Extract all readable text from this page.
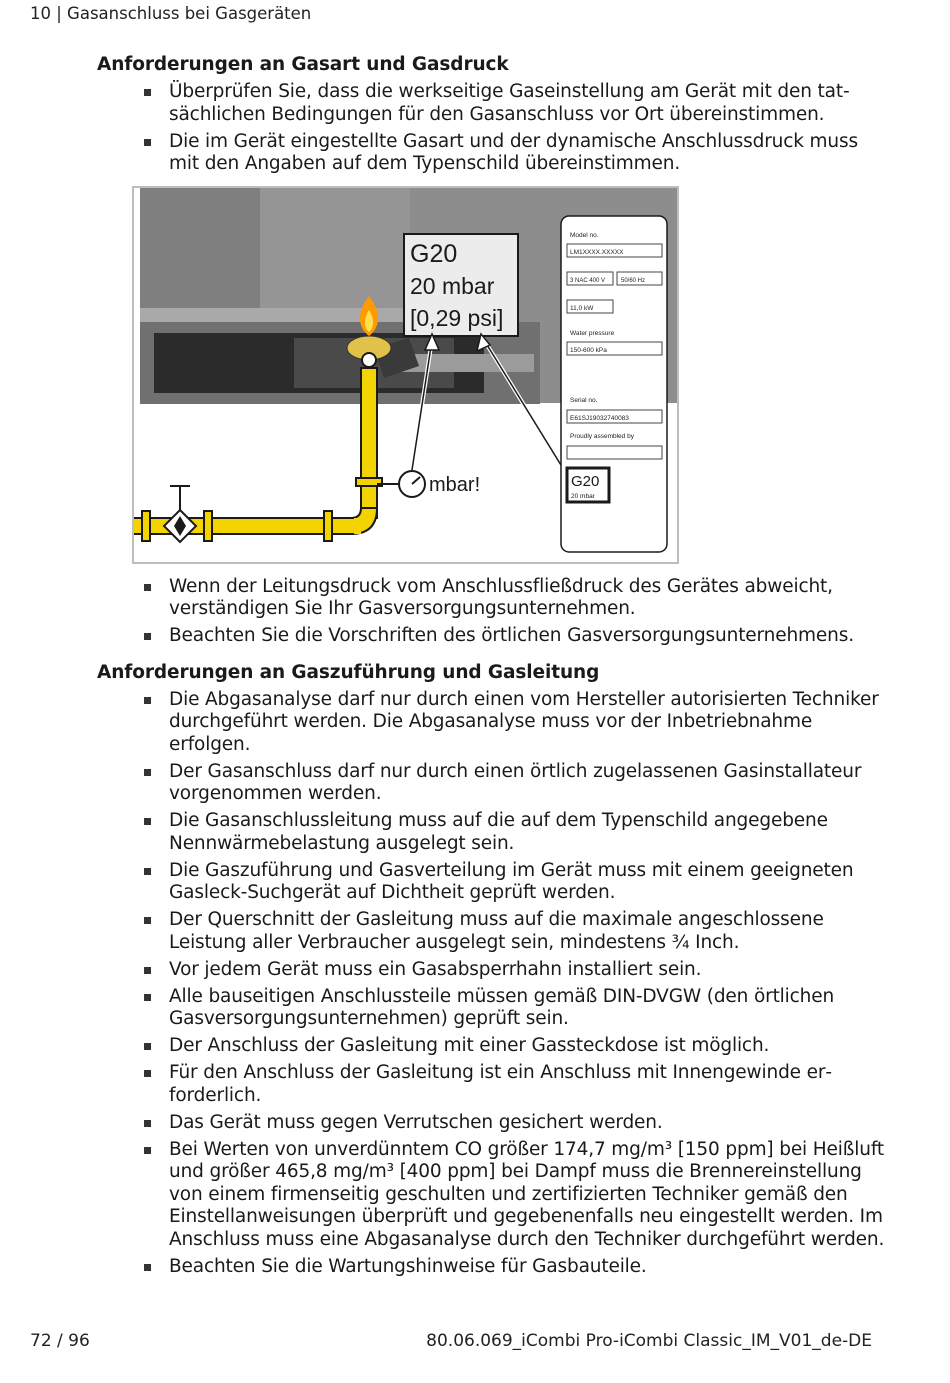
10 | Gasanschluss bei Gasgeräten
Anforderungen an Gasart und Gasdruck
Überprüfen Sie, dass die werkseitige Gaseinstellung am Gerät mit den tatsächlichen Bedingungen für den Gasanschluss vor Ort übereinstimmen.
Die im Gerät eingestellte Gasart und der dynamische Anschlussdruck muss mit den Angaben auf dem Typenschild übereinstimmen.
G20
20 mbar
[0,29 psi]
mbar!
Model no.
LM1XXXX.XXXXX
3 NAC 400 V	50/60 Hz
11,0 kW
Water pressure
150-600 kPa
Serial no.
E61SJ19032740083
Proudly assembled by
G20
20 mbar
Wenn der Leitungsdruck vom Anschlussfließdruck des Gerätes abweicht, verständigen Sie Ihr Gasversorgungsunternehmen.
Beachten Sie die Vorschriften des örtlichen Gasversorgungsunternehmens.
Anforderungen an Gaszuführung und Gasleitung
Die Abgasanalyse darf nur durch einen vom Hersteller autorisierten Techniker durchgeführt werden. Die Abgasanalyse muss vor der Inbetriebnahme erfolgen.
Der Gasanschluss darf nur durch einen örtlich zugelassenen Gasinstallateur vorgenommen werden.
Die Gasanschlussleitung muss auf die auf dem Typenschild angegebene Nennwärmebelastung ausgelegt sein.
Die Gaszuführung und Gasverteilung im Gerät muss mit einem geeigneten Gasleck-Suchgerät auf Dichtheit geprüft werden.
Der Querschnitt der Gasleitung muss auf die maximale angeschlossene Leistung aller Verbraucher ausgelegt sein, mindestens ¾ Inch.
Vor jedem Gerät muss ein Gasabsperrhahn installiert sein.
Alle bauseitigen Anschlussteile müssen gemäß DIN-DVGW (den örtlichen Gasversorgungsunternehmen) geprüft sein.
Der Anschluss der Gasleitung mit einer Gassteckdose ist möglich.
Für den Anschluss der Gasleitung ist ein Anschluss mit Innengewinde erforderlich.
Das Gerät muss gegen Verrutschen gesichert werden.
Bei Werten von unverdünntem CO größer 174,7 mg/m³ [150 ppm] bei Heißluft und größer 465,8 mg/m³ [400 ppm] bei Dampf muss die Brennereinstellung von einem firmenseitig geschulten und zertifizierten Techniker gemäß den Einstellanweisungen überprüft und gegebenenfalls neu eingestellt werden. Im Anschluss muss eine Abgasanalyse durch den Techniker durchgeführt werden.
Beachten Sie die Wartungshinweise für Gasbauteile.
72 / 96	80.06.069_iCombi Pro-iCombi Classic_IM_V01_de-DE
